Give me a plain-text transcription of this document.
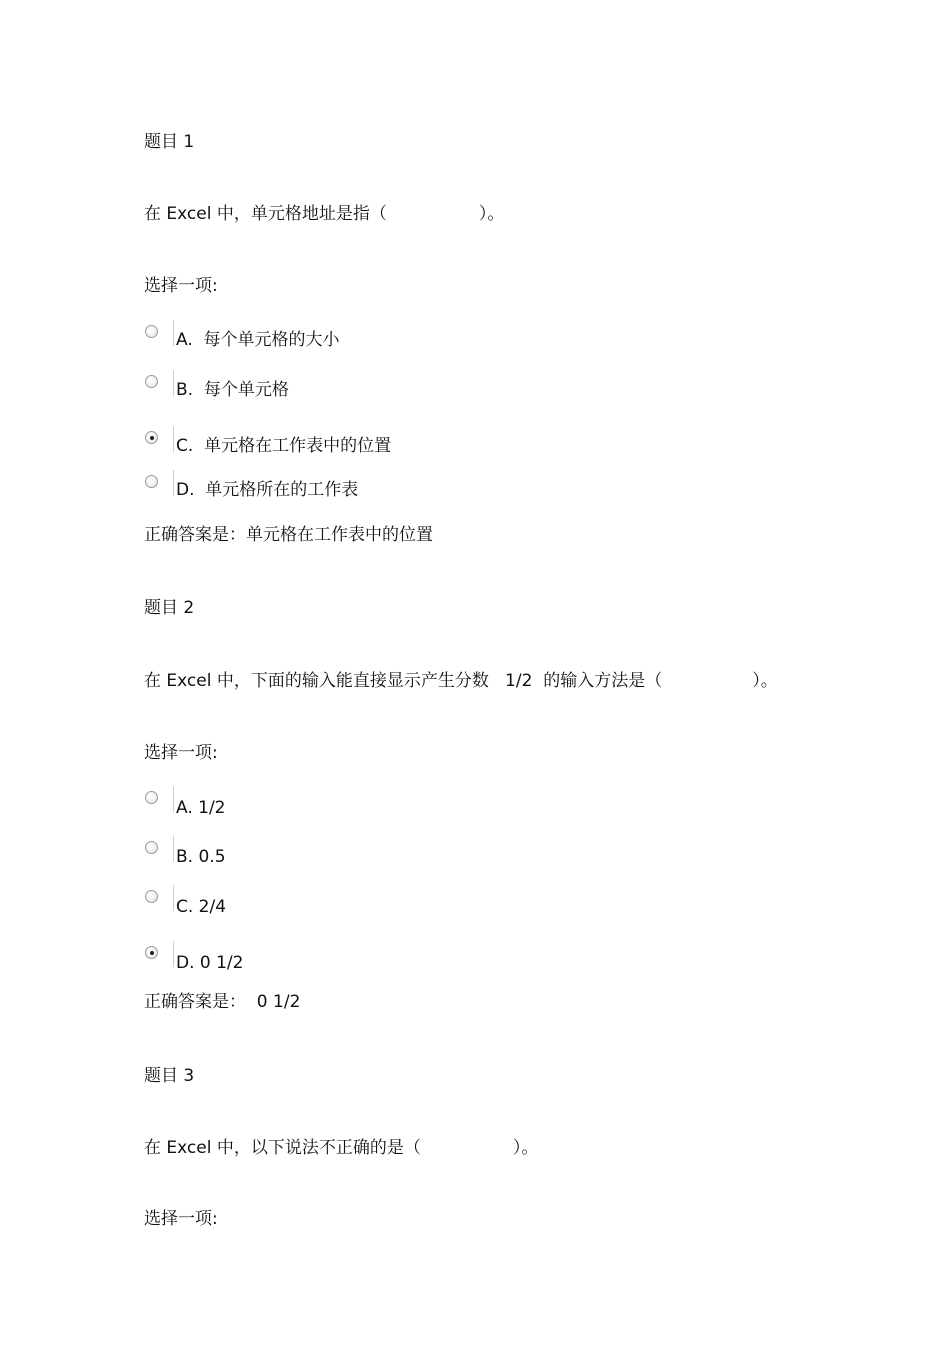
题目 1
在 Excel 中，单元格地址是指（	）。
选择一项:
A.  每个单元格的大小
B.  每个单元格
C.  单元格在工作表中的位置
D.  单元格所在的工作表
正确答案是：单元格在工作表中的位置
题目 2
在 Excel 中，下面的输入能直接显示产生分数   1/2  的输入方法是（	）。
选择一项:
A. 1/2
B. 0.5
C. 2/4
D. 0 1/2
正确答案是：  0 1/2
题目 3
在 Excel 中，以下说法不正确的是（	）。
选择一项:
